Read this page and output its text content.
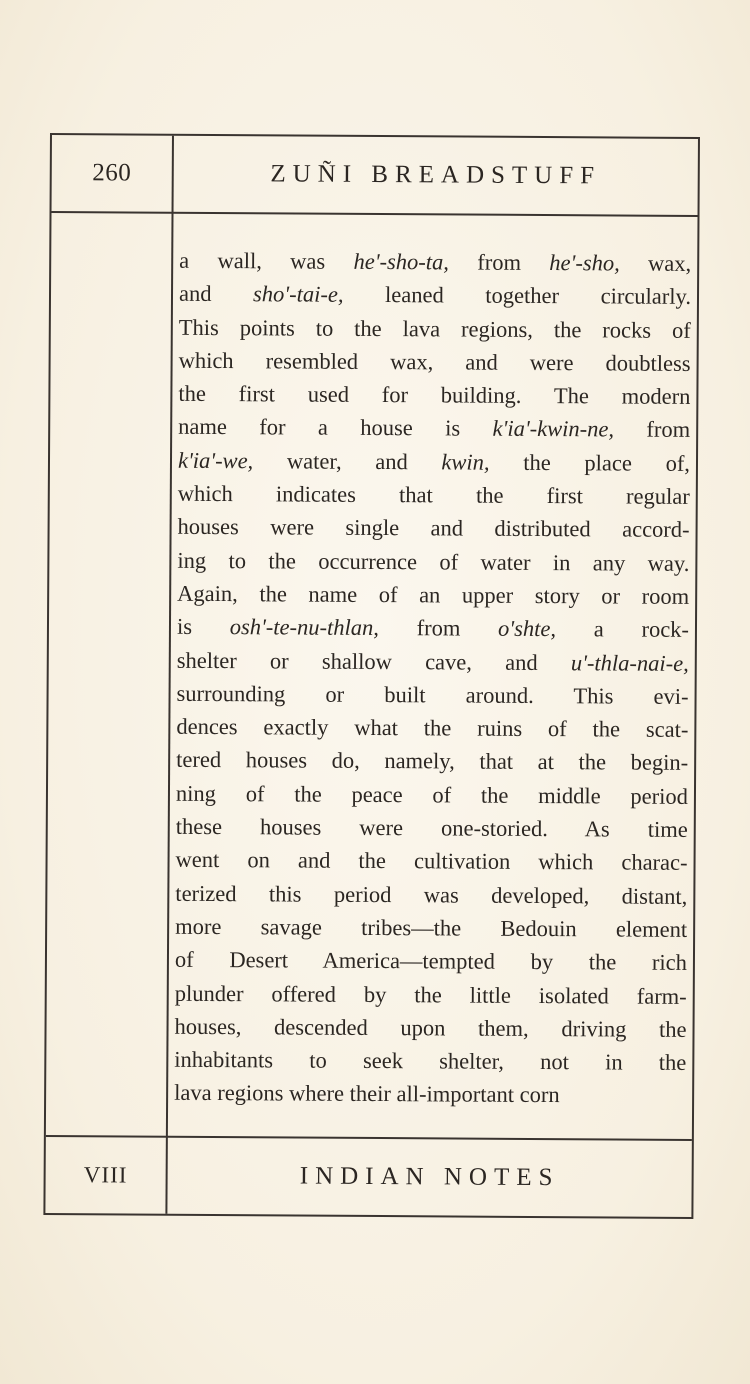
260	ZUÑI BREADSTUFF
a wall, was he'-sho-ta, from he'-sho, wax,
and sho'-tai-e, leaned together circularly.
This points to the lava regions, the rocks of
which resembled wax, and were doubtless
the first used for building. The modern
name for a house is k'ia'-kwin-ne, from
k'ia'-we, water, and kwin, the place of,
which indicates that the first regular
houses were single and distributed accord-
ing to the occurrence of water in any way.
Again, the name of an upper story or room
is osh'-te-nu-thlan, from o'shte, a rock-
shelter or shallow cave, and u'-thla-nai-e,
surrounding or built around. This evi-
dences exactly what the ruins of the scat-
tered houses do, namely, that at the begin-
ning of the peace of the middle period
these houses were one-storied. As time
went on and the cultivation which charac-
terized this period was developed, distant,
more savage tribes—the Bedouin element
of Desert America—tempted by the rich
plunder offered by the little isolated farm-
houses, descended upon them, driving the
inhabitants to seek shelter, not in the
lava regions where their all-important corn
VIII	INDIAN NOTES
